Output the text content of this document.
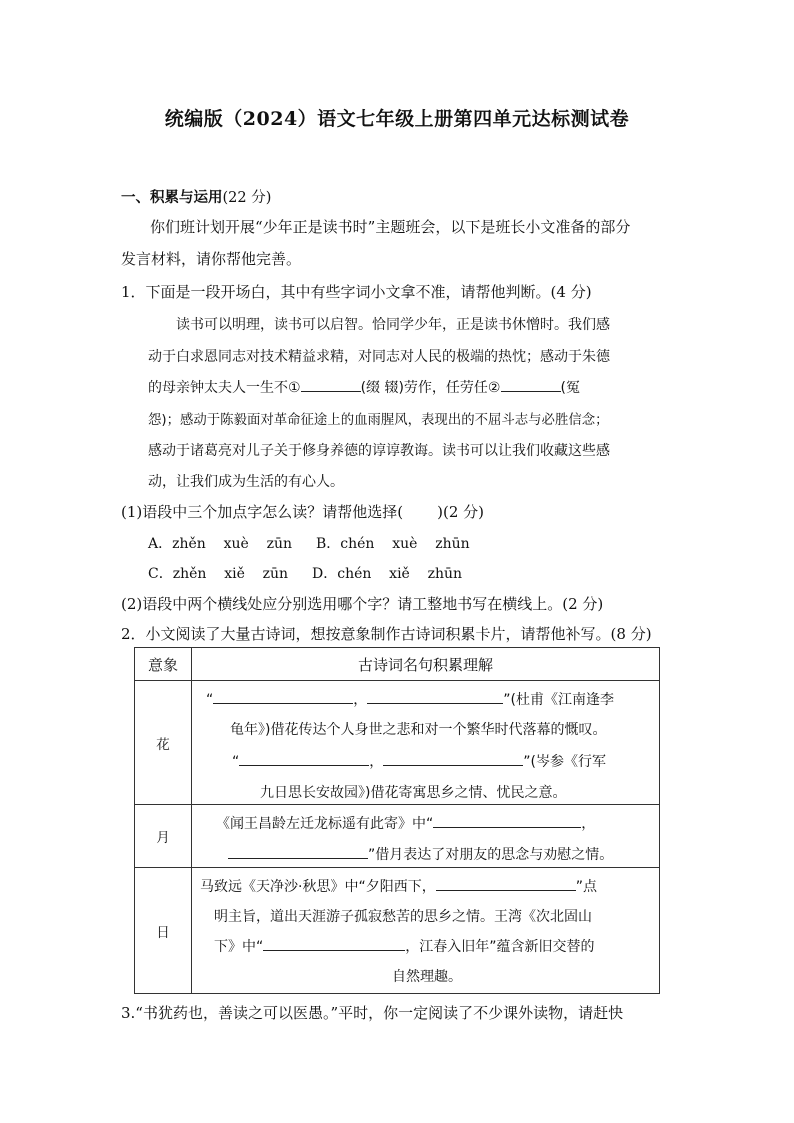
统编版（2024）语文七年级上册第四单元达标测试卷
一、积累与运用(22 分)
你们班计划开展“少年正是读书时”主题班会，以下是班长小文准备的部分
发言材料，请你帮他完善。
1．下面是一段开场白，其中有些字词小文拿不准，请帮他判断。(4 分)
读书可以明理，读书可以启智。恰同学少年，正是读书休憎时。我们感
动于白求恩同志对技术精益求精，对同志对人民的极端的热忱；感动于朱德
的母亲钟太夫人一生不①	(缀 辍)劳作，任劳任②	(冤
怨)；感动于陈毅面对革命征途上的血雨腥风，表现出的不屈斗志与必胜信念；
感动于诸葛亮对儿子关于修身养德的谆谆教诲。读书可以让我们收藏这些感
动，让我们成为生活的有心人。
(1)语段中三个加点字怎么读？请帮他选择( )(2 分)
A．zhěn    xuè    zūn B．chén    xuè    zhūn
C．zhěn    xiě    zūn D．chén    xiě    zhūn
(2)语段中两个横线处应分别选用哪个字？请工整地书写在横线上。(2 分)
2．小文阅读了大量古诗词，想按意象制作古诗词积累卡片，请帮他补写。(8 分)
意象	古诗词名句积累理解
花	“ ， ”(杜甫《江南逢李
龟年》)借花传达个人身世之悲和对一个繁华时代落幕的慨叹。
“ ， ”(岑参《行军
九日思长安故园》)借花寄寓思乡之情、忧民之意。

月	《闻王昌龄左迁龙标遥有此寄》中“ ，
”借月表达了对朋友的思念与劝慰之情。

日	马致远《天净沙·秋思》中“夕阳西下， ”点
明主旨，道出天涯游子孤寂愁苦的思乡之情。王湾《次北固山
下》中“ ，江春入旧年”蕴含新旧交替的
自然理趣。
3.“书犹药也，善读之可以医愚。”平时，你一定阅读了不少课外读物，请赶快
